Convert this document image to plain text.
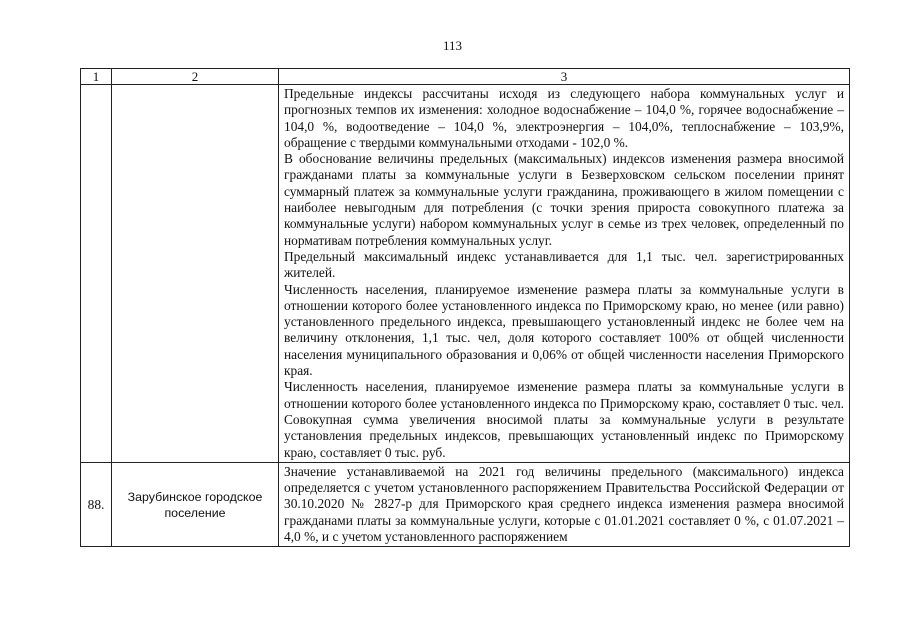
113
1	2	3

		Предельные индексы рассчитаны исходя из следующего набора коммунальных услуг и прогнозных темпов их изменения: холодное водоснабжение – 104,0 %, горячее водоснабжение – 104,0 %, водоотведение – 104,0 %, электроэнергия – 104,0%, теплоснабжение – 103,9%, обращение с твердыми коммунальными отходами - 102,0 %.

В обоснование величины предельных (максимальных) индексов изменения размера вносимой гражданами платы за коммунальные услуги в Безверховском сельском поселении принят суммарный платеж за коммунальные услуги гражданина, проживающего в жилом помещении с наиболее невыгодным для потребления (с точки зрения прироста совокупного платежа за коммунальные услуги) набором коммунальных услуг в семье из трех человек, определенный по нормативам потребления коммунальных услуг.

Предельный максимальный индекс устанавливается для 1,1 тыс. чел. зарегистрированных жителей.

Численность населения, планируемое изменение размера платы за коммунальные услуги в отношении которого более установленного индекса по Приморскому краю, но менее (или равно) установленного предельного индекса, превышающего установленный индекс не более чем на величину отклонения, 1,1 тыс. чел, доля которого составляет 100% от общей численности населения муниципального образования и 0,06% от общей численности населения Приморского края.

Численность населения, планируемое изменение размера платы за коммунальные услуги в отношении которого более установленного индекса по Приморскому краю, составляет 0 тыс. чел. Совокупная сумма увеличения вносимой платы за коммунальные услуги в результате установления предельных индексов, превышающих установленный индекс по Приморскому краю, составляет 0 тыс. руб.

88.	Зарубинское городское поселение	Значение устанавливаемой на 2021 год величины предельного (максимального) индекса определяется с учетом установленного распоряжением Правительства Российской Федерации от 30.10.2020 № 2827-р для Приморского края среднего индекса изменения размера вносимой гражданами платы за коммунальные услуги, которые с 01.01.2021 составляет 0 %, с 01.07.2021 – 4,0 %, и с учетом установленного распоряжением
